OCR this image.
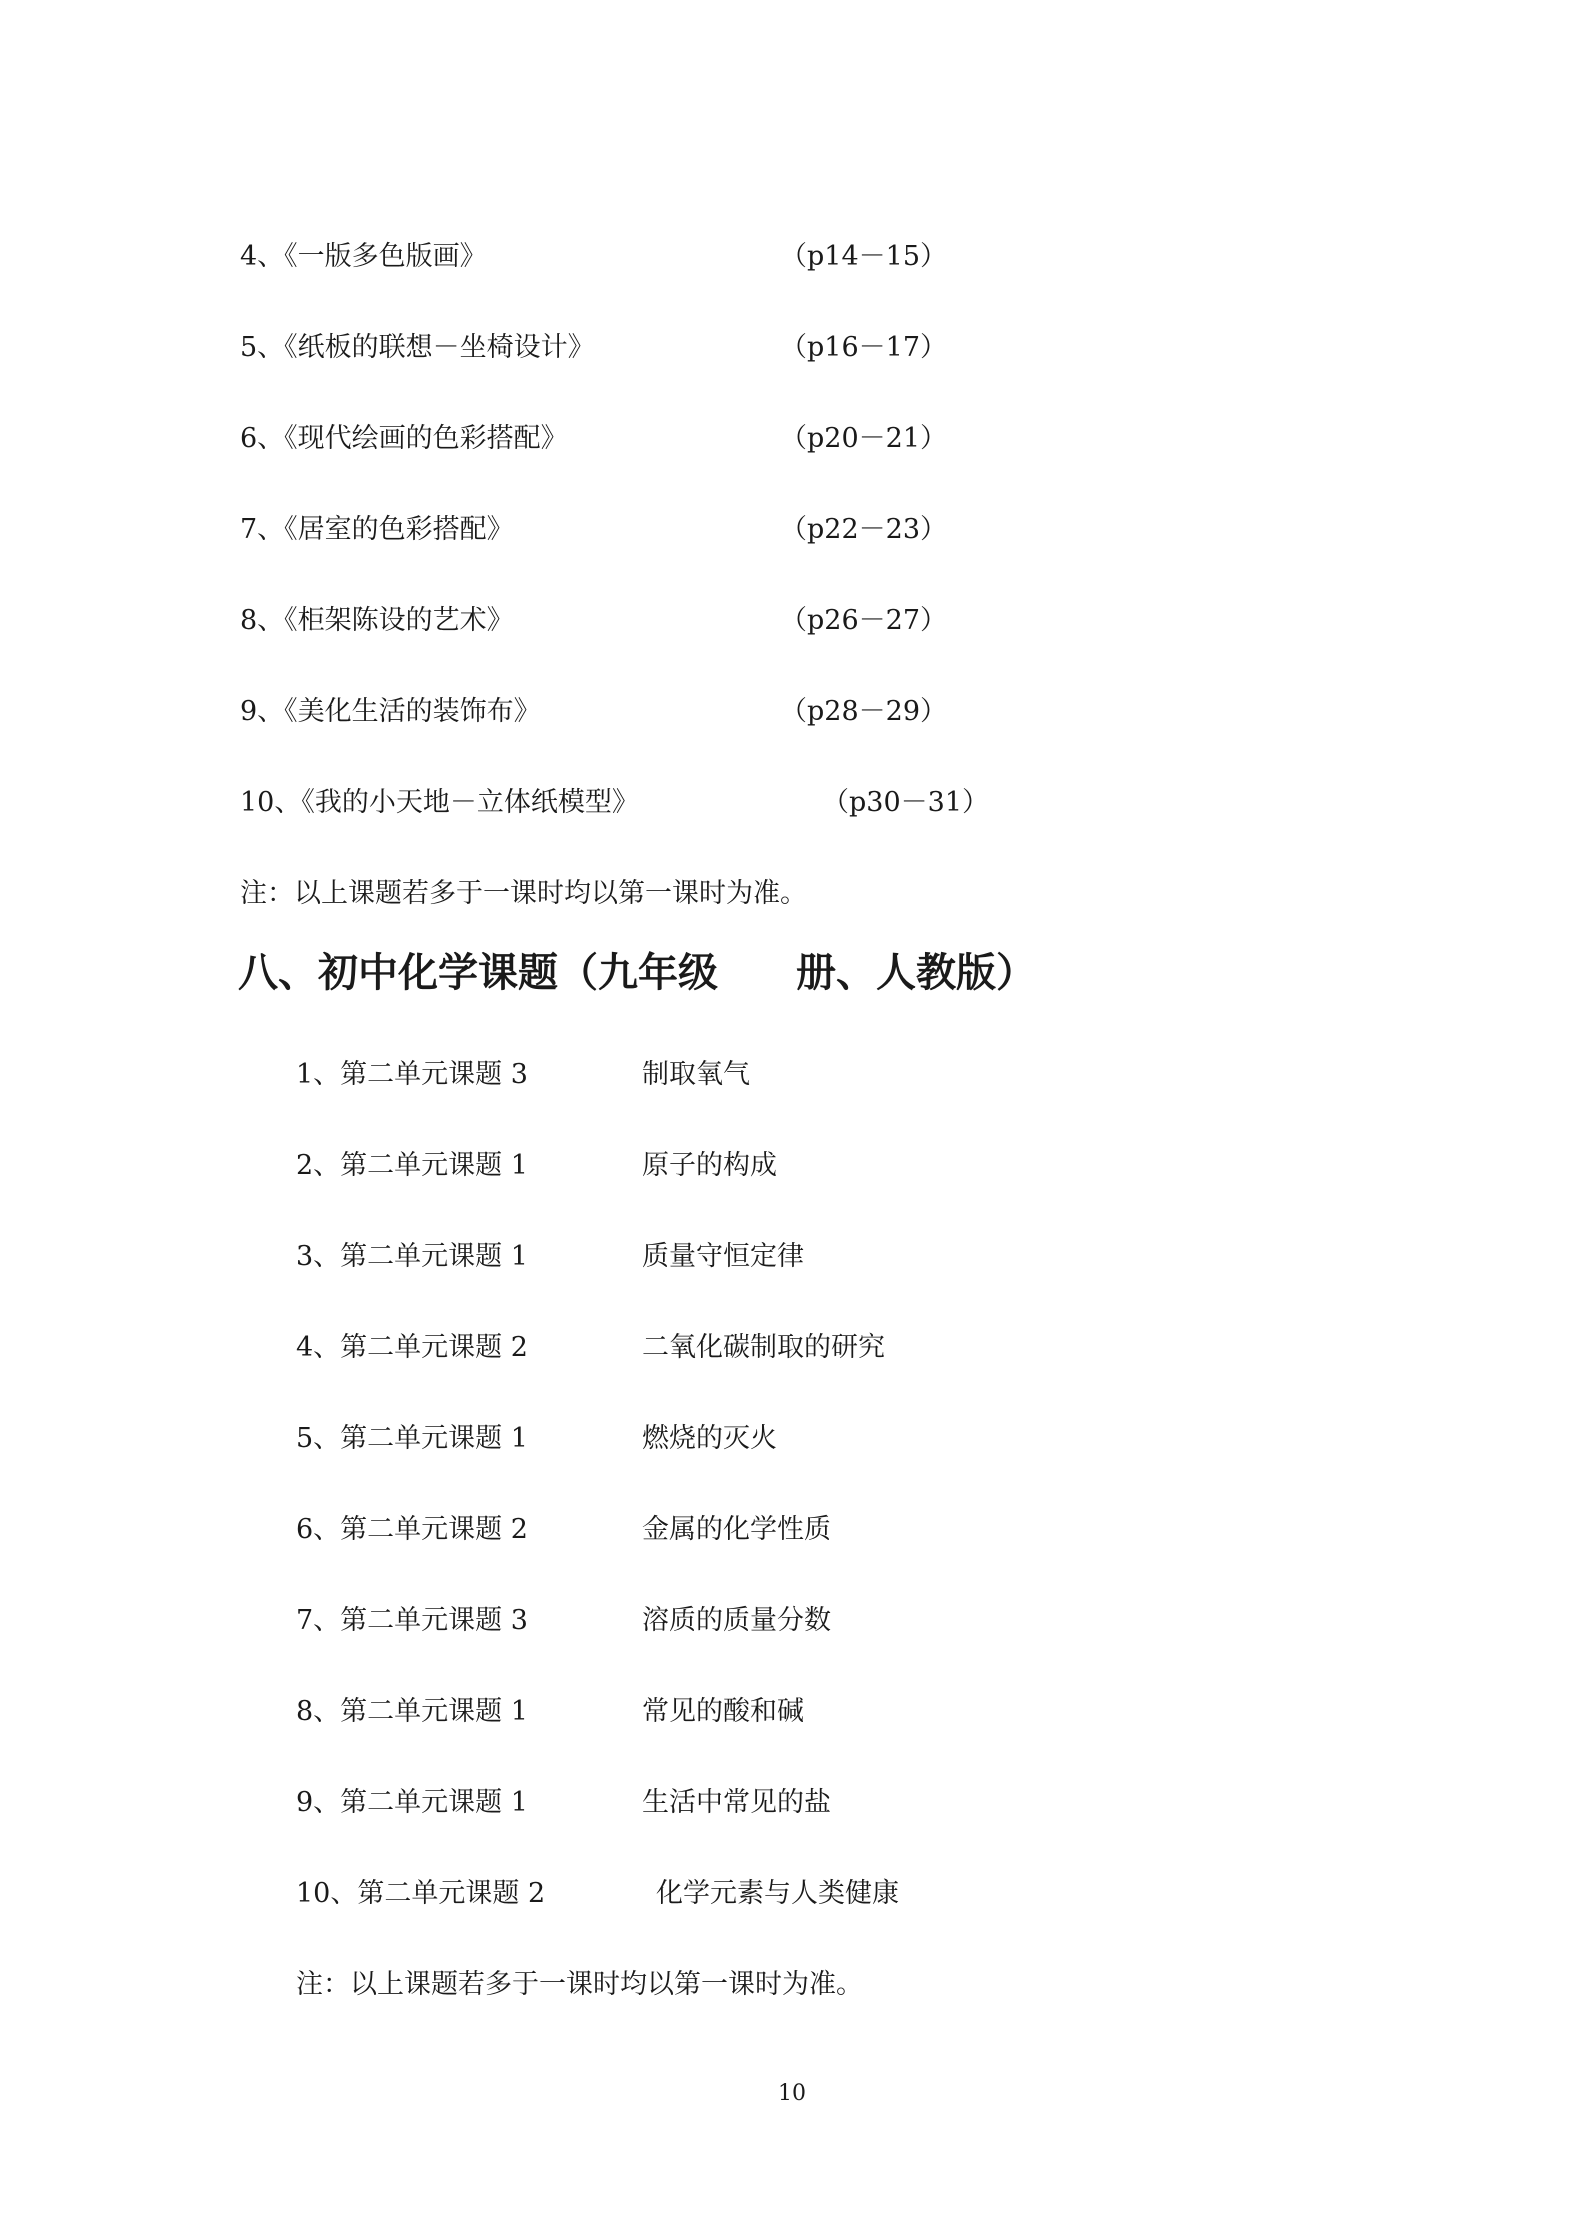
4、《一版多色版画》	（p14－15）
5、《纸板的联想－坐椅设计》	（p16－17）
6、《现代绘画的色彩搭配》	（p20－21）
7、《居室的色彩搭配》	（p22－23）
8、《柜架陈设的艺术》	（p26－27）
9、《美化生活的装饰布》	（p28－29）
10、《我的小天地－立体纸模型》	（p30－31）
注：以上课题若多于一课时均以第一课时为准。
八、初中化学课题（九年级 册、人教版）
1、第二单元课题 3	制取氧气
2、第二单元课题 1	原子的构成
3、第二单元课题 1	质量守恒定律
4、第二单元课题 2	二氧化碳制取的研究
5、第二单元课题 1	燃烧的灭火
6、第二单元课题 2	金属的化学性质
7、第二单元课题 3	溶质的质量分数
8、第二单元课题 1	常见的酸和碱
9、第二单元课题 1	生活中常见的盐
10、第二单元课题 2	化学元素与人类健康
注：以上课题若多于一课时均以第一课时为准。
10
